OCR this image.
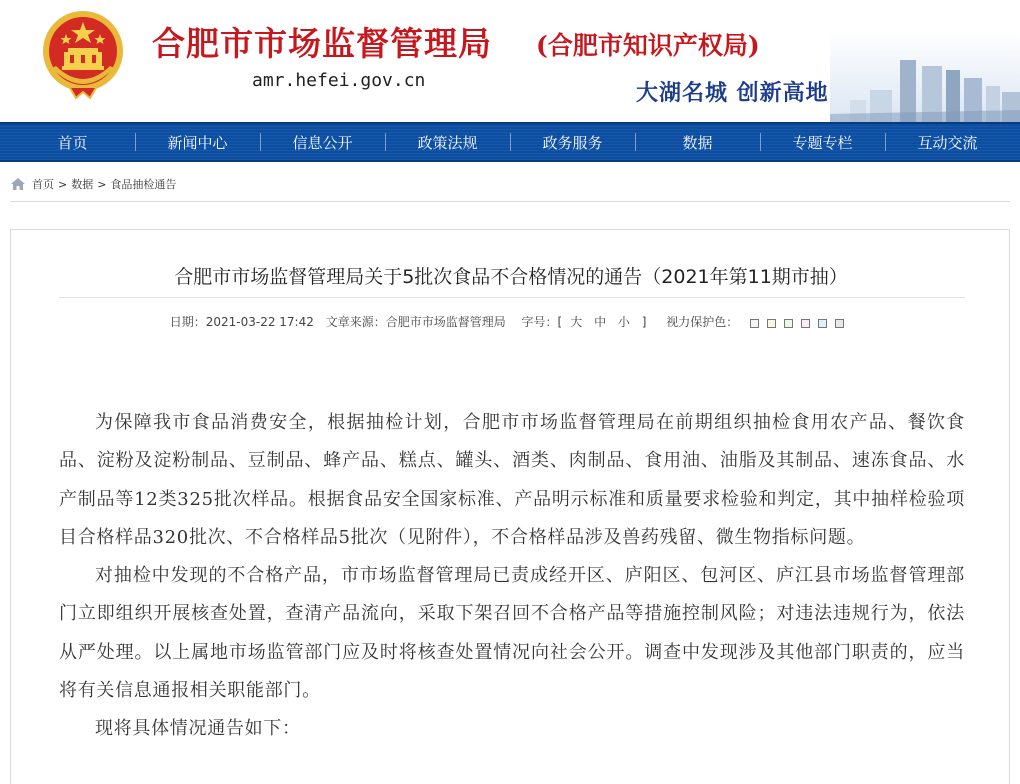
合肥市市场监督管理局 (合肥市知识产权局)
amr.hefei.gov.cn	大湖名城 创新高地
首页	新闻中心	信息公开	政策法规	政务服务	数据	专题专栏	互动交流
首页 > 数据 > 食品抽检通告
合肥市市场监督管理局关于5批次食品不合格情况的通告（2021年第11期市抽）
日期：2021-03-22 17:42 文章来源：合肥市市场监督管理局 字号：[ 大 中 小 ] 视力保护色：

为保障我市食品消费安全，根据抽检计划，合肥市市场监督管理局在前期组织抽检食用农产品、餐饮食品、淀粉及淀粉制品、豆制品、蜂产品、糕点、罐头、酒类、肉制品、食用油、油脂及其制品、速冻食品、水产制品等12类325批次样品。根据食品安全国家标准、产品明示标准和质量要求检验和判定，其中抽样检验项目合格样品320批次、不合格样品5批次（见附件），不合格样品涉及兽药残留、微生物指标问题。

对抽检中发现的不合格产品，市市场监督管理局已责成经开区、庐阳区、包河区、庐江县市场监督管理部门立即组织开展核查处置，查清产品流向，采取下架召回不合格产品等措施控制风险；对违法违规行为，依法从严处理。以上属地市场监管部门应及时将核查处置情况向社会公开。调查中发现涉及其他部门职责的，应当将有关信息通报相关职能部门。

现将具体情况通告如下：
